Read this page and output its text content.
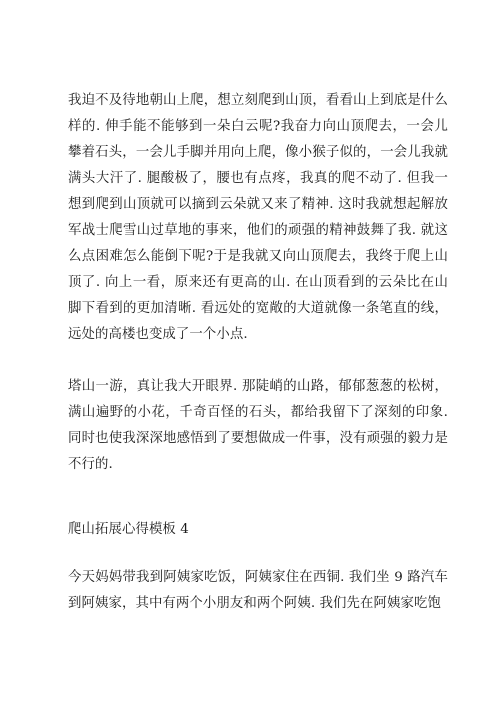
我迫不及待地朝山上爬，想立刻爬到山顶，看看山上到底是什么样的. 伸手能不能够到一朵白云呢?我奋力向山顶爬去，一会儿攀着石头，一会儿手脚并用向上爬，像小猴子似的，一会儿我就满头大汗了. 腿酸极了，腰也有点疼，我真的爬不动了. 但我一想到爬到山顶就可以摘到云朵就又来了精神. 这时我就想起解放军战士爬雪山过草地的事来，他们的顽强的精神鼓舞了我. 就这么点困难怎么能倒下呢?于是我就又向山顶爬去，我终于爬上山顶了. 向上一看，原来还有更高的山. 在山顶看到的云朵比在山脚下看到的更加清晰. 看远处的宽敞的大道就像一条笔直的线，远处的高楼也变成了一个小点.

塔山一游，真让我大开眼界. 那陡峭的山路，郁郁葱葱的松树，满山遍野的小花，千奇百怪的石头，都给我留下了深刻的印象. 同时也使我深深地感悟到了要想做成一件事，没有顽强的毅力是不行的.

爬山拓展心得模板 4

今天妈妈带我到阿姨家吃饭，阿姨家住在西铜. 我们坐 9 路汽车到阿姨家，其中有两个小朋友和两个阿姨. 我们先在阿姨家吃饱
